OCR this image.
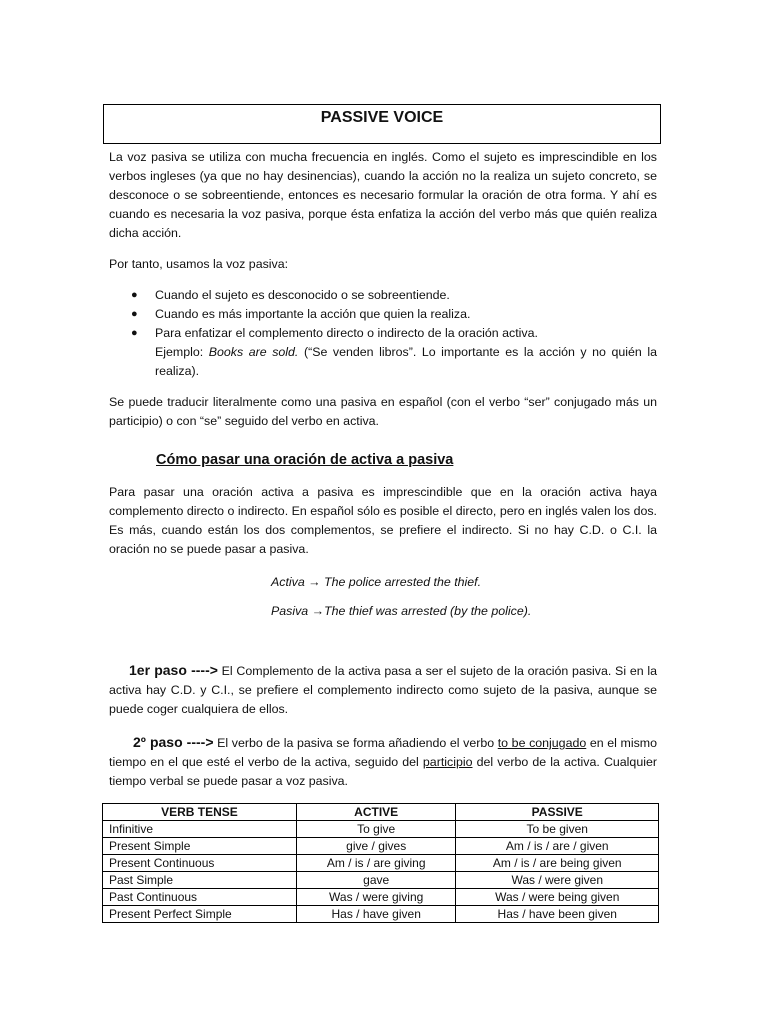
PASSIVE VOICE

La voz pasiva se utiliza con mucha frecuencia en inglés. Como el sujeto es imprescindible en los verbos ingleses (ya que no hay desinencias), cuando la acción no la realiza un sujeto concreto, se desconoce o se sobreentiende, entonces es necesario formular la oración de otra forma. Y ahí es cuando es necesaria la voz pasiva, porque ésta enfatiza la acción del verbo más que quién realiza dicha acción.

Por tanto, usamos la voz pasiva:

● Cuando el sujeto es desconocido o se sobreentiende.
● Cuando es más importante la acción que quien la realiza.
● Para enfatizar el complemento directo o indirecto de la oración activa.

Ejemplo: Books are sold. (“Se venden libros”. Lo importante es la acción y no quién la realiza).

Se puede traducir literalmente como una pasiva en español (con el verbo “ser” conjugado más un participio) o con “se” seguido del verbo en activa.

Cómo pasar una oración de activa a pasiva

Para pasar una oración activa a pasiva es imprescindible que en la oración activa haya complemento directo o indirecto. En español sólo es posible el directo, pero en inglés valen los dos. Es más, cuando están los dos complementos, se prefiere el indirecto. Si no hay C.D. o C.I. la oración no se puede pasar a pasiva.

Activa → The police arrested the thief.
Pasiva →The thief was arrested (by the police).

1er paso ----> El Complemento de la activa pasa a ser el sujeto de la oración pasiva. Si en la activa hay C.D. y C.I., se prefiere el complemento indirecto como sujeto de la pasiva, aunque se puede coger cualquiera de ellos.

2º paso ----> El verbo de la pasiva se forma añadiendo el verbo to be conjugado en el mismo tiempo en el que esté el verbo de la activa, seguido del participio del verbo de la activa. Cualquier tiempo verbal se puede pasar a voz pasiva.

VERB TENSE	ACTIVE	PASSIVE
Infinitive	To give	To be given
Present Simple	give / gives	Am / is / are / given
Present Continuous	Am / is / are giving	Am / is / are being given
Past Simple	gave	Was / were given
Past Continuous	Was / were giving	Was / were being given
Present Perfect Simple	Has / have given	Has / have been given
